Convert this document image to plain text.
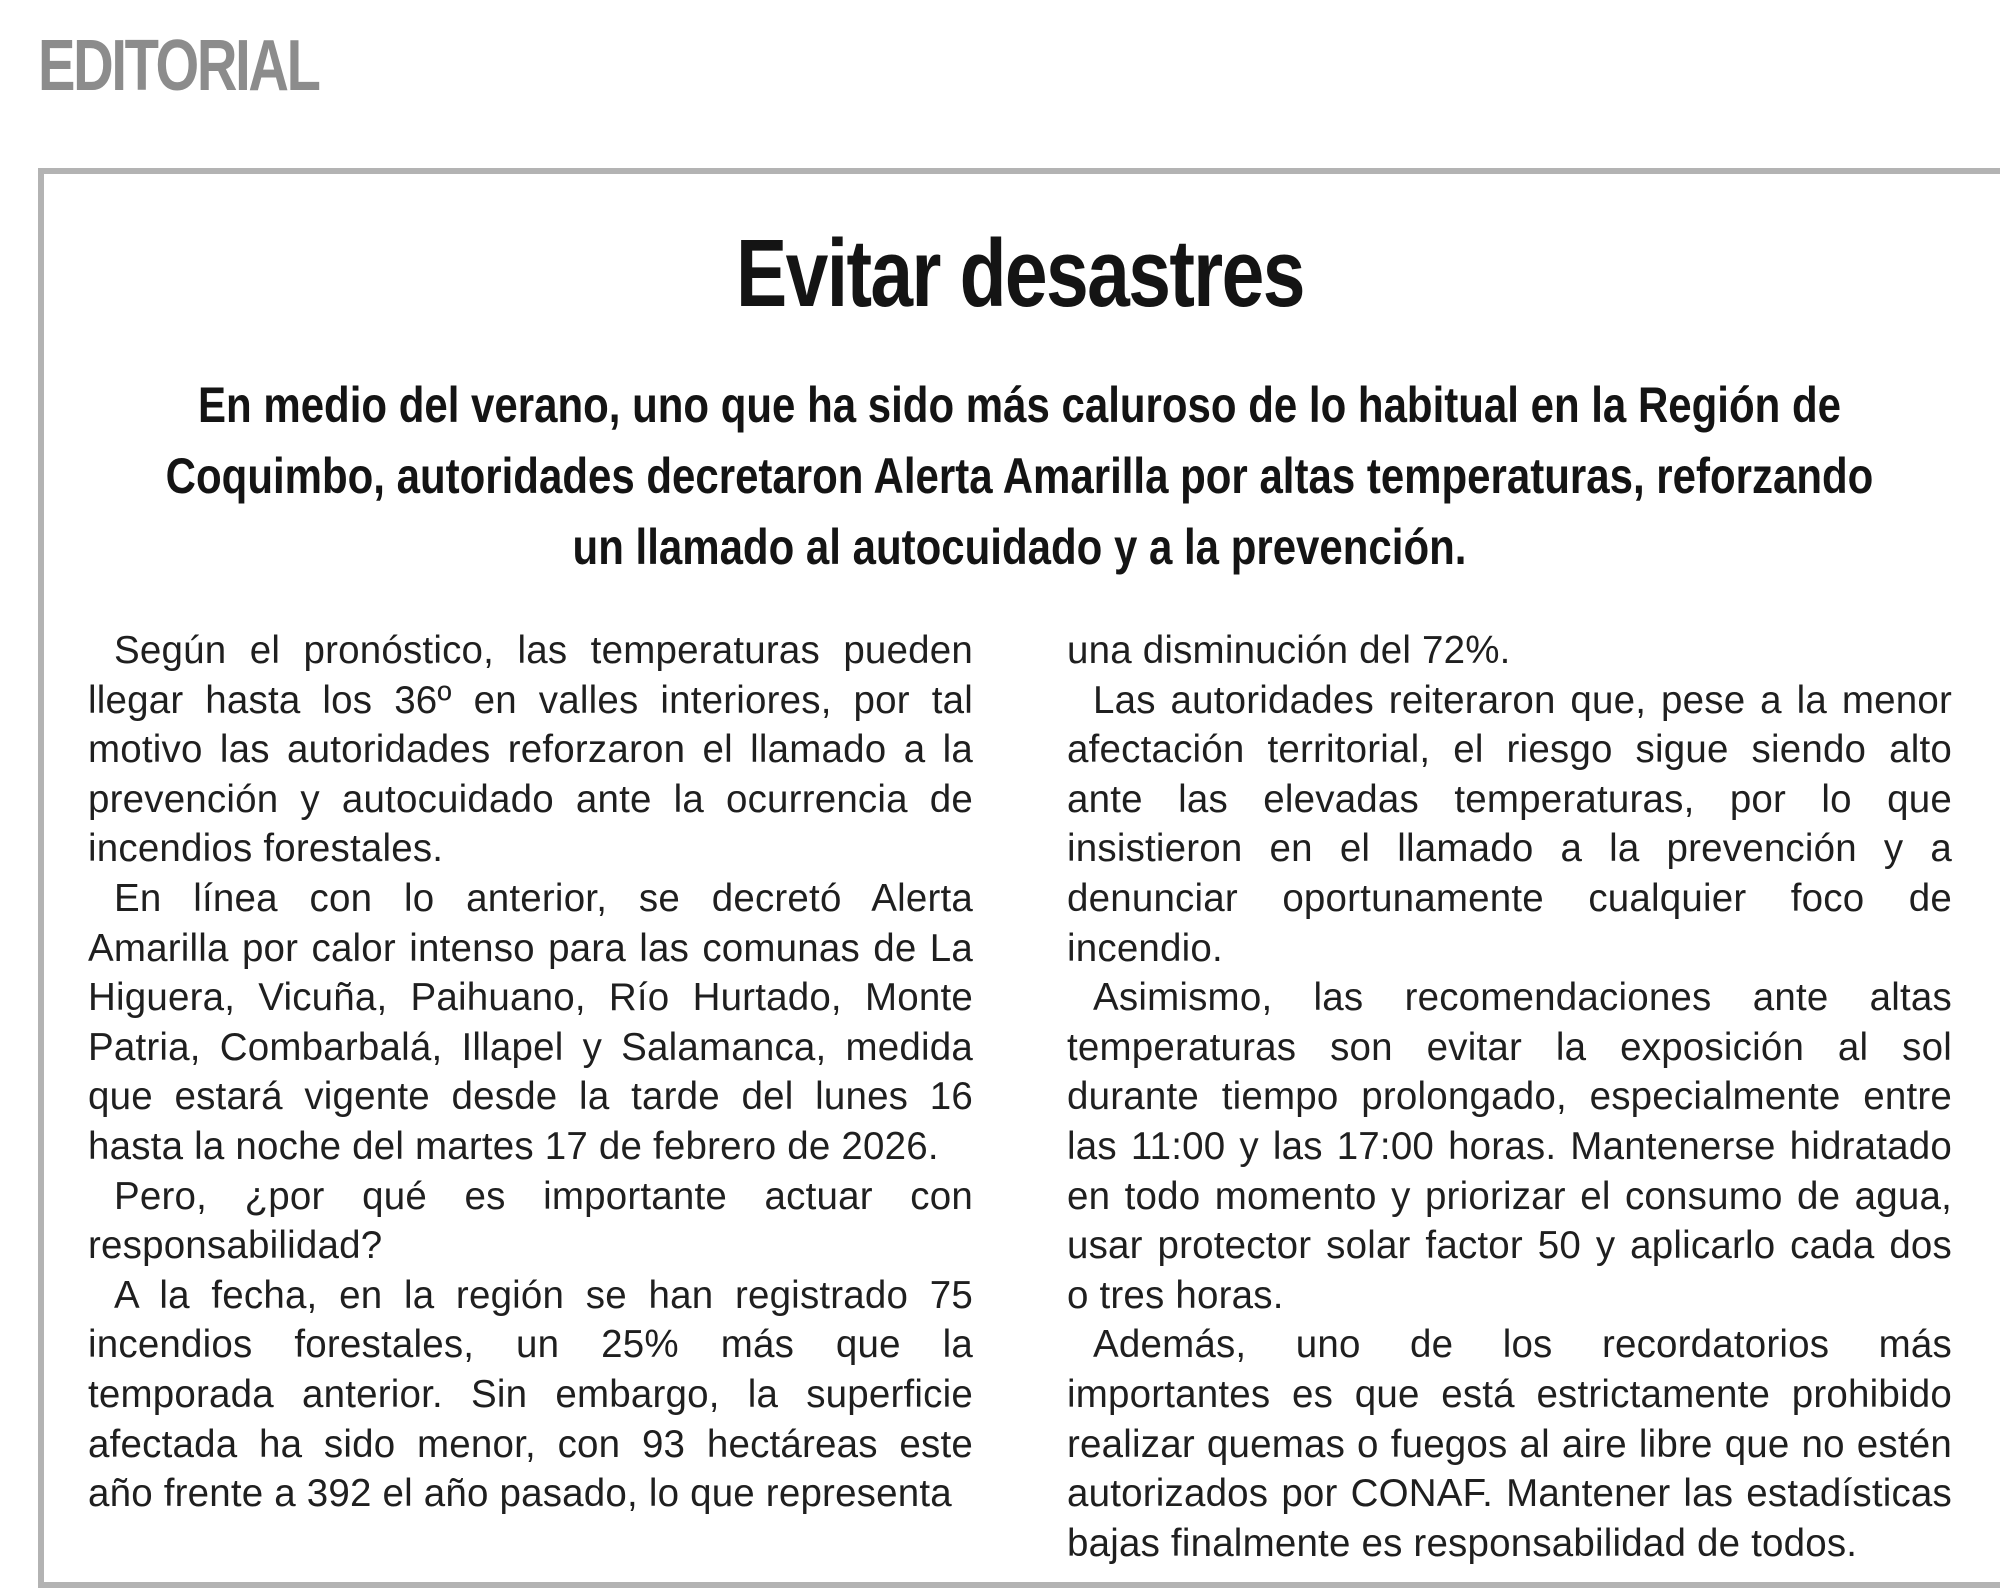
EDITORIAL
Evitar desastres

En medio del verano, uno que ha sido más caluroso de lo habitual en la Región de Coquimbo, autoridades decretaron Alerta Amarilla por altas temperaturas, reforzando un llamado al autocuidado y a la prevención.

Según el pronóstico, las temperaturas pueden llegar hasta los 36º en valles interiores, por tal motivo las autoridades reforzaron el llamado a la prevención y autocuidado ante la ocurrencia de incendios forestales.

En línea con lo anterior, se decretó Alerta Amarilla por calor intenso para las comunas de La Higuera, Vicuña, Paihuano, Río Hurtado, Monte Patria, Combarbalá, Illapel y Salamanca, medida que estará vigente desde la tarde del lunes 16 hasta la noche del martes 17 de febrero de 2026.

Pero, ¿por qué es importante actuar con responsabilidad?

A la fecha, en la región se han registrado 75 incendios forestales, un 25% más que la temporada anterior. Sin embargo, la superficie afectada ha sido menor, con 93 hectáreas este año frente a 392 el año pasado, lo que representa

una disminución del 72%.

Las autoridades reiteraron que, pese a la menor afectación territorial, el riesgo sigue siendo alto ante las elevadas temperaturas, por lo que insistieron en el llamado a la prevención y a denunciar oportunamente cualquier foco de incendio.

Asimismo, las recomendaciones ante altas temperaturas son evitar la exposición al sol durante tiempo prolongado, especialmente entre las 11:00 y las 17:00 horas. Mantenerse hidratado en todo momento y priorizar el consumo de agua, usar protector solar factor 50 y aplicarlo cada dos o tres horas.

Además, uno de los recordatorios más importantes es que está estrictamente prohibido realizar quemas o fuegos al aire libre que no estén autorizados por CONAF. Mantener las estadísticas bajas finalmente es responsabilidad de todos.
